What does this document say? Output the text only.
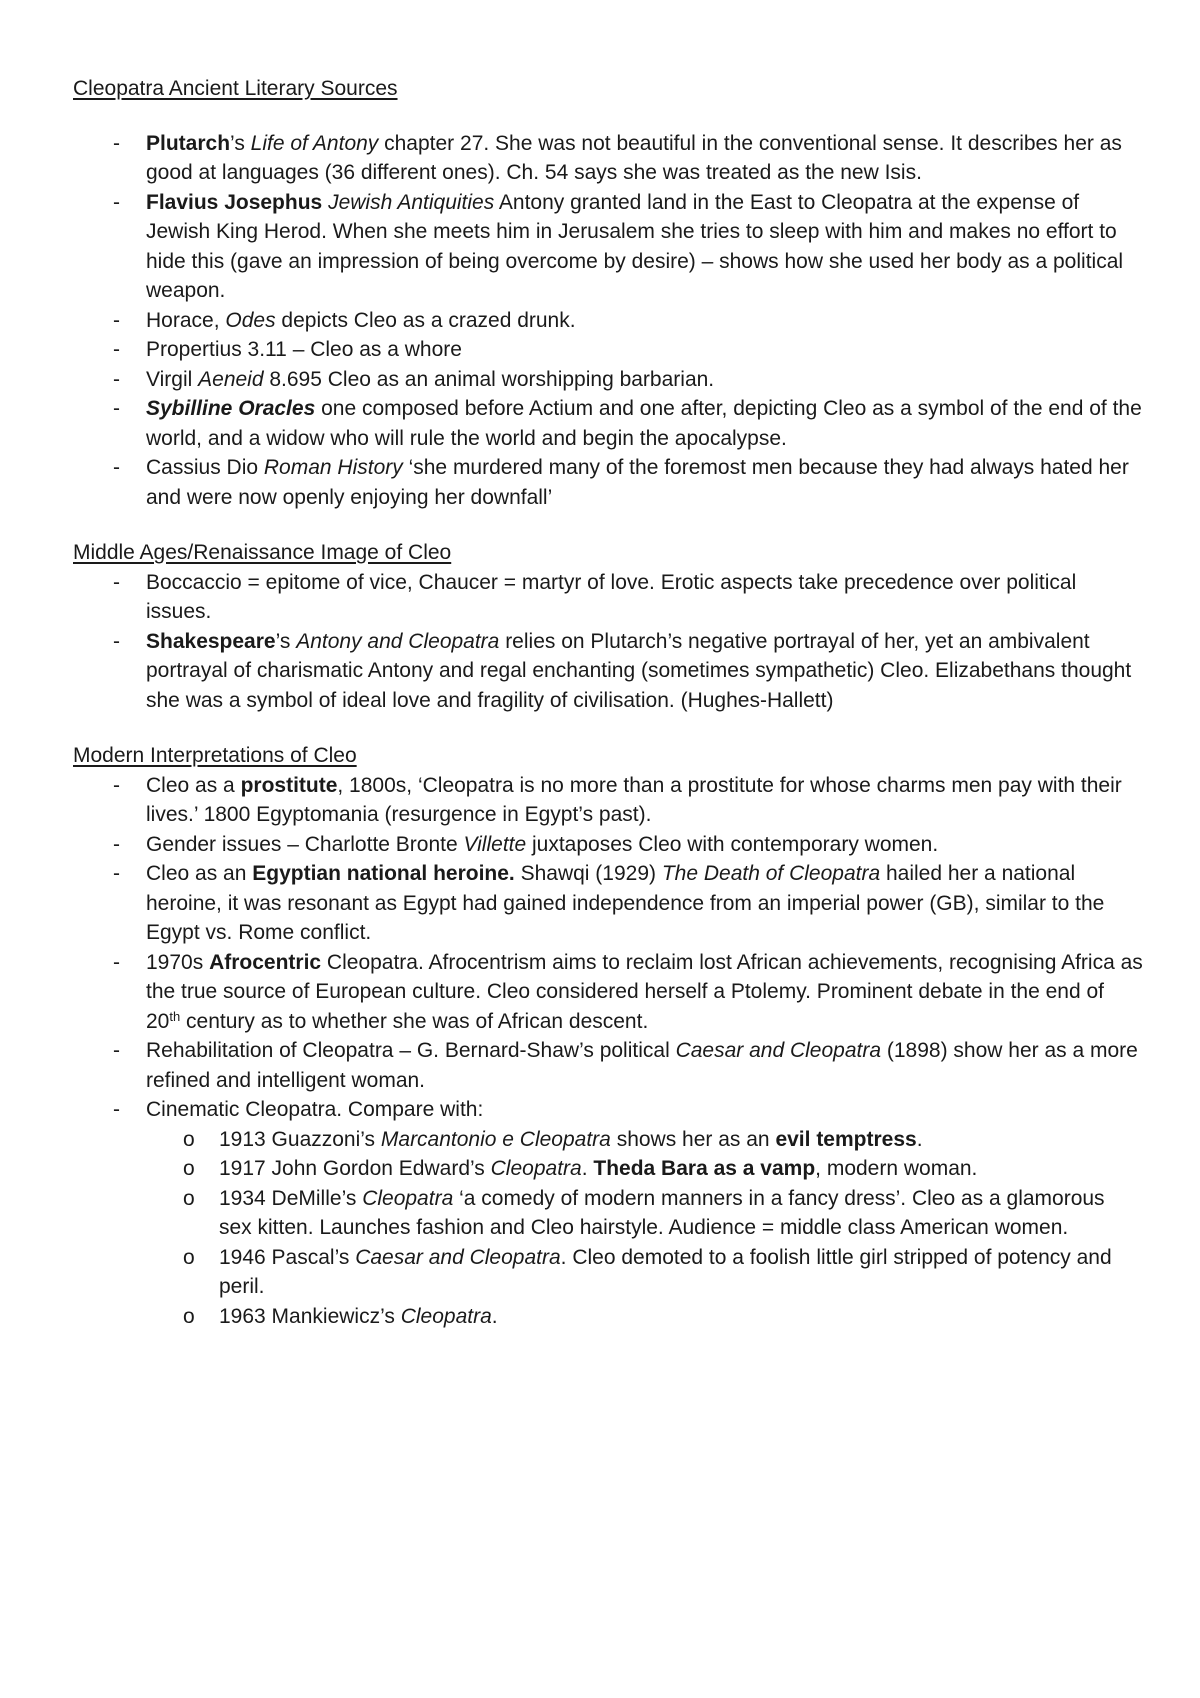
Cleopatra Ancient Literary Sources

- Plutarch’s Life of Antony chapter 27. She was not beautiful in the conventional sense. It describes her as good at languages (36 different ones). Ch. 54 says she was treated as the new Isis.
- Flavius Josephus Jewish Antiquities Antony granted land in the East to Cleopatra at the expense of Jewish King Herod. When she meets him in Jerusalem she tries to sleep with him and makes no effort to hide this (gave an impression of being overcome by desire) – shows how she used her body as a political weapon.
- Horace, Odes depicts Cleo as a crazed drunk.
- Propertius 3.11 – Cleo as a whore
- Virgil Aeneid 8.695 Cleo as an animal worshipping barbarian.
- Sybilline Oracles one composed before Actium and one after, depicting Cleo as a symbol of the end of the world, and a widow who will rule the world and begin the apocalypse.
- Cassius Dio Roman History ‘she murdered many of the foremost men because they had always hated her and were now openly enjoying her downfall’

Middle Ages/Renaissance Image of Cleo

- Boccaccio = epitome of vice, Chaucer = martyr of love. Erotic aspects take precedence over political issues.
- Shakespeare’s Antony and Cleopatra relies on Plutarch’s negative portrayal of her, yet an ambivalent portrayal of charismatic Antony and regal enchanting (sometimes sympathetic) Cleo. Elizabethans thought she was a symbol of ideal love and fragility of civilisation. (Hughes-Hallett)

Modern Interpretations of Cleo

- Cleo as a prostitute, 1800s, ‘Cleopatra is no more than a prostitute for whose charms men pay with their lives.’ 1800 Egyptomania (resurgence in Egypt’s past).
- Gender issues – Charlotte Bronte Villette juxtaposes Cleo with contemporary women.
- Cleo as an Egyptian national heroine. Shawqi (1929) The Death of Cleopatra hailed her a national heroine, it was resonant as Egypt had gained independence from an imperial power (GB), similar to the Egypt vs. Rome conflict.
- 1970s Afrocentric Cleopatra. Afrocentrism aims to reclaim lost African achievements, recognising Africa as the true source of European culture. Cleo considered herself a Ptolemy. Prominent debate in the end of 20th century as to whether she was of African descent.
- Rehabilitation of Cleopatra – G. Bernard-Shaw’s political Caesar and Cleopatra (1898) show her as a more refined and intelligent woman.
- Cinematic Cleopatra. Compare with:
o 1913 Guazzoni’s Marcantonio e Cleopatra shows her as an evil temptress.
o 1917 John Gordon Edward’s Cleopatra. Theda Bara as a vamp, modern woman.
o 1934 DeMille’s Cleopatra ‘a comedy of modern manners in a fancy dress’. Cleo as a glamorous sex kitten. Launches fashion and Cleo hairstyle. Audience = middle class American women.
o 1946 Pascal’s Caesar and Cleopatra. Cleo demoted to a foolish little girl stripped of potency and peril.
o 1963 Mankiewicz’s Cleopatra.
